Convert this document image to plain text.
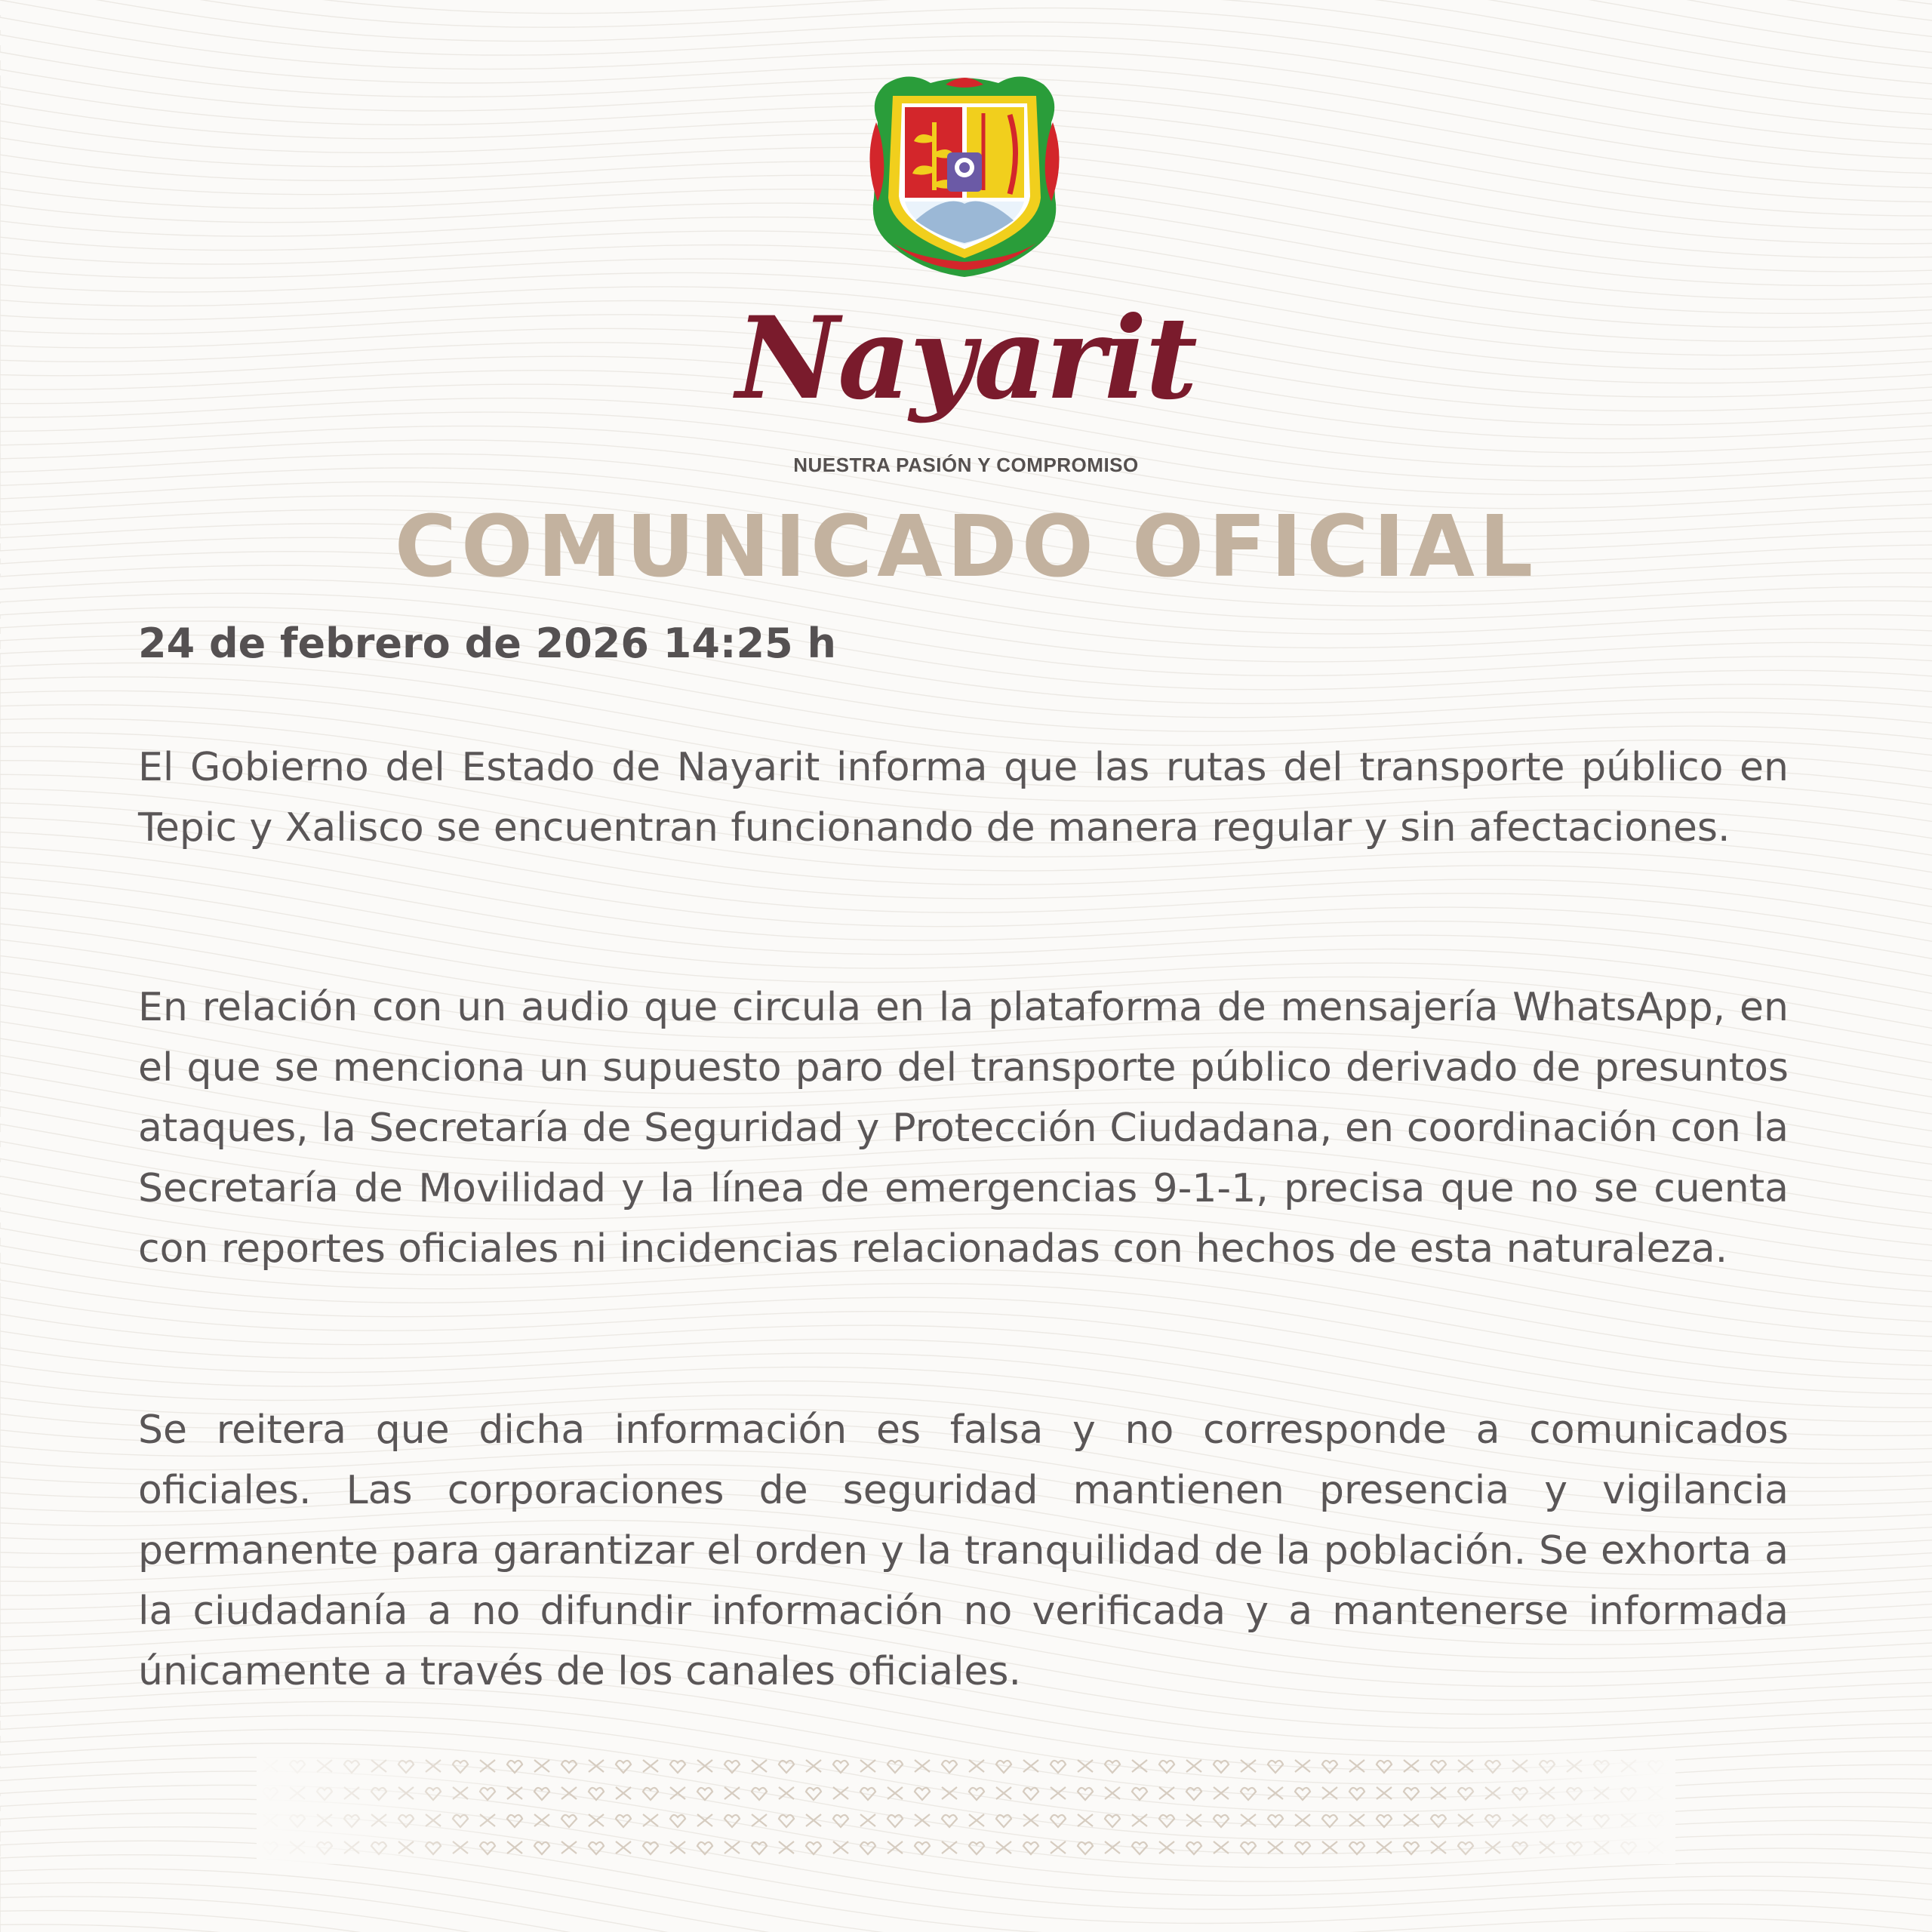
Nayarit
NUESTRA PASIÓN Y COMPROMISO
COMUNICADO OFICIAL
24 de febrero de 2026 14:25 h

El Gobierno del Estado de Nayarit informa que las rutas del transporte público en Tepic y Xalisco se encuentran funcionando de manera regular y sin afectaciones.

En relación con un audio que circula en la plataforma de mensajería WhatsApp, en el que se menciona un supuesto paro del transporte público derivado de presuntos ataques, la Secretaría de Seguridad y Protección Ciudadana, en coordinación con la Secretaría de Movilidad y la línea de emergencias 9-1-1, precisa que no se cuenta con reportes oficiales ni incidencias relacionadas con hechos de esta naturaleza.

Se reitera que dicha información es falsa y no corresponde a comunicados oficiales. Las corporaciones de seguridad mantienen presencia y vigilancia permanente para garantizar el orden y la tranquilidad de la población. Se exhorta a la ciudadanía a no difundir información no verificada y a mantenerse informada únicamente a través de los canales oficiales.
